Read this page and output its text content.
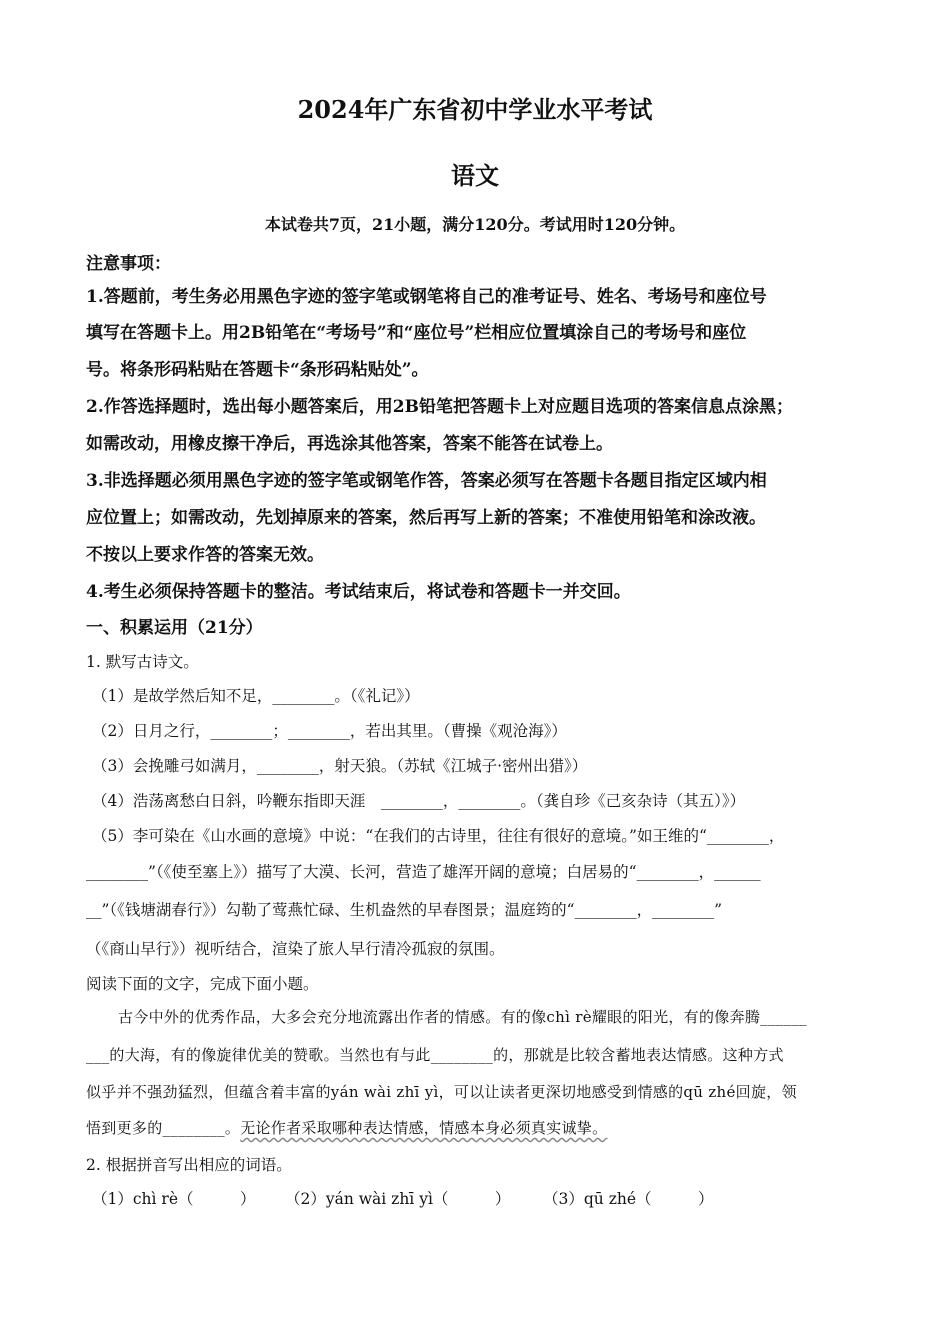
2024年广东省初中学业水平考试
语文
本试卷共7页，21小题，满分120分。考试用时120分钟。
注意事项：
1.答题前，考生务必用黑色字迹的签字笔或钢笔将自己的准考证号、姓名、考场号和座位号
填写在答题卡上。用2B铅笔在“考场号”和“座位号”栏相应位置填涂自己的考场号和座位
号。将条形码粘贴在答题卡“条形码粘贴处”。
2.作答选择题时，选出每小题答案后，用2B铅笔把答题卡上对应题目选项的答案信息点涂黑；
如需改动，用橡皮擦干净后，再选涂其他答案，答案不能答在试卷上。
3.非选择题必须用黑色字迹的签字笔或钢笔作答，答案必须写在答题卡各题目指定区域内相
应位置上；如需改动，先划掉原来的答案，然后再写上新的答案；不准使用铅笔和涂改液。
不按以上要求作答的答案无效。
4.考生必须保持答题卡的整洁。考试结束后，将试卷和答题卡一并交回。
一、积累运用（21分）
1. 默写古诗文。
（1）是故学然后知不足，________。（《礼记》）
（2）日月之行，________；________，若出其里。（曹操《观沧海》）
（3）会挽雕弓如满月，________，射天狼。（苏轼《江城子·密州出猎》）
（4）浩荡离愁白日斜，吟鞭东指即天涯　________，________。（龚自珍《己亥杂诗（其五）》）
（5）李可染在《山水画的意境》中说：“在我们的古诗里，往往有很好的意境。”如王维的“________，
________”（《使至塞上》）描写了大漠、长河，营造了雄浑开阔的意境；白居易的“________，______
__”（《钱塘湖春行》）勾勒了莺燕忙碌、生机盎然的早春图景；温庭筠的“________，________”
（《商山早行》）视听结合，渲染了旅人早行清冷孤寂的氛围。
阅读下面的文字，完成下面小题。
古今中外的优秀作品，大多会充分地流露出作者的情感。有的像chì rè耀眼的阳光，有的像奔腾______
___的大海，有的像旋律优美的赞歌。当然也有与此________的，那就是比较含蓄地表达情感。这种方式
似乎并不强劲猛烈，但蕴含着丰富的yán wài zhī yì，可以让读者更深切地感受到情感的qū zhé回旋，领
悟到更多的________。无论作者采取哪种表达情感，情感本身必须真实诚挚。
2. 根据拼音写出相应的词语。
（1）chì rè（　　　） （2）yán wài zhī yì（　　　） （3）qū zhé（　　　）
